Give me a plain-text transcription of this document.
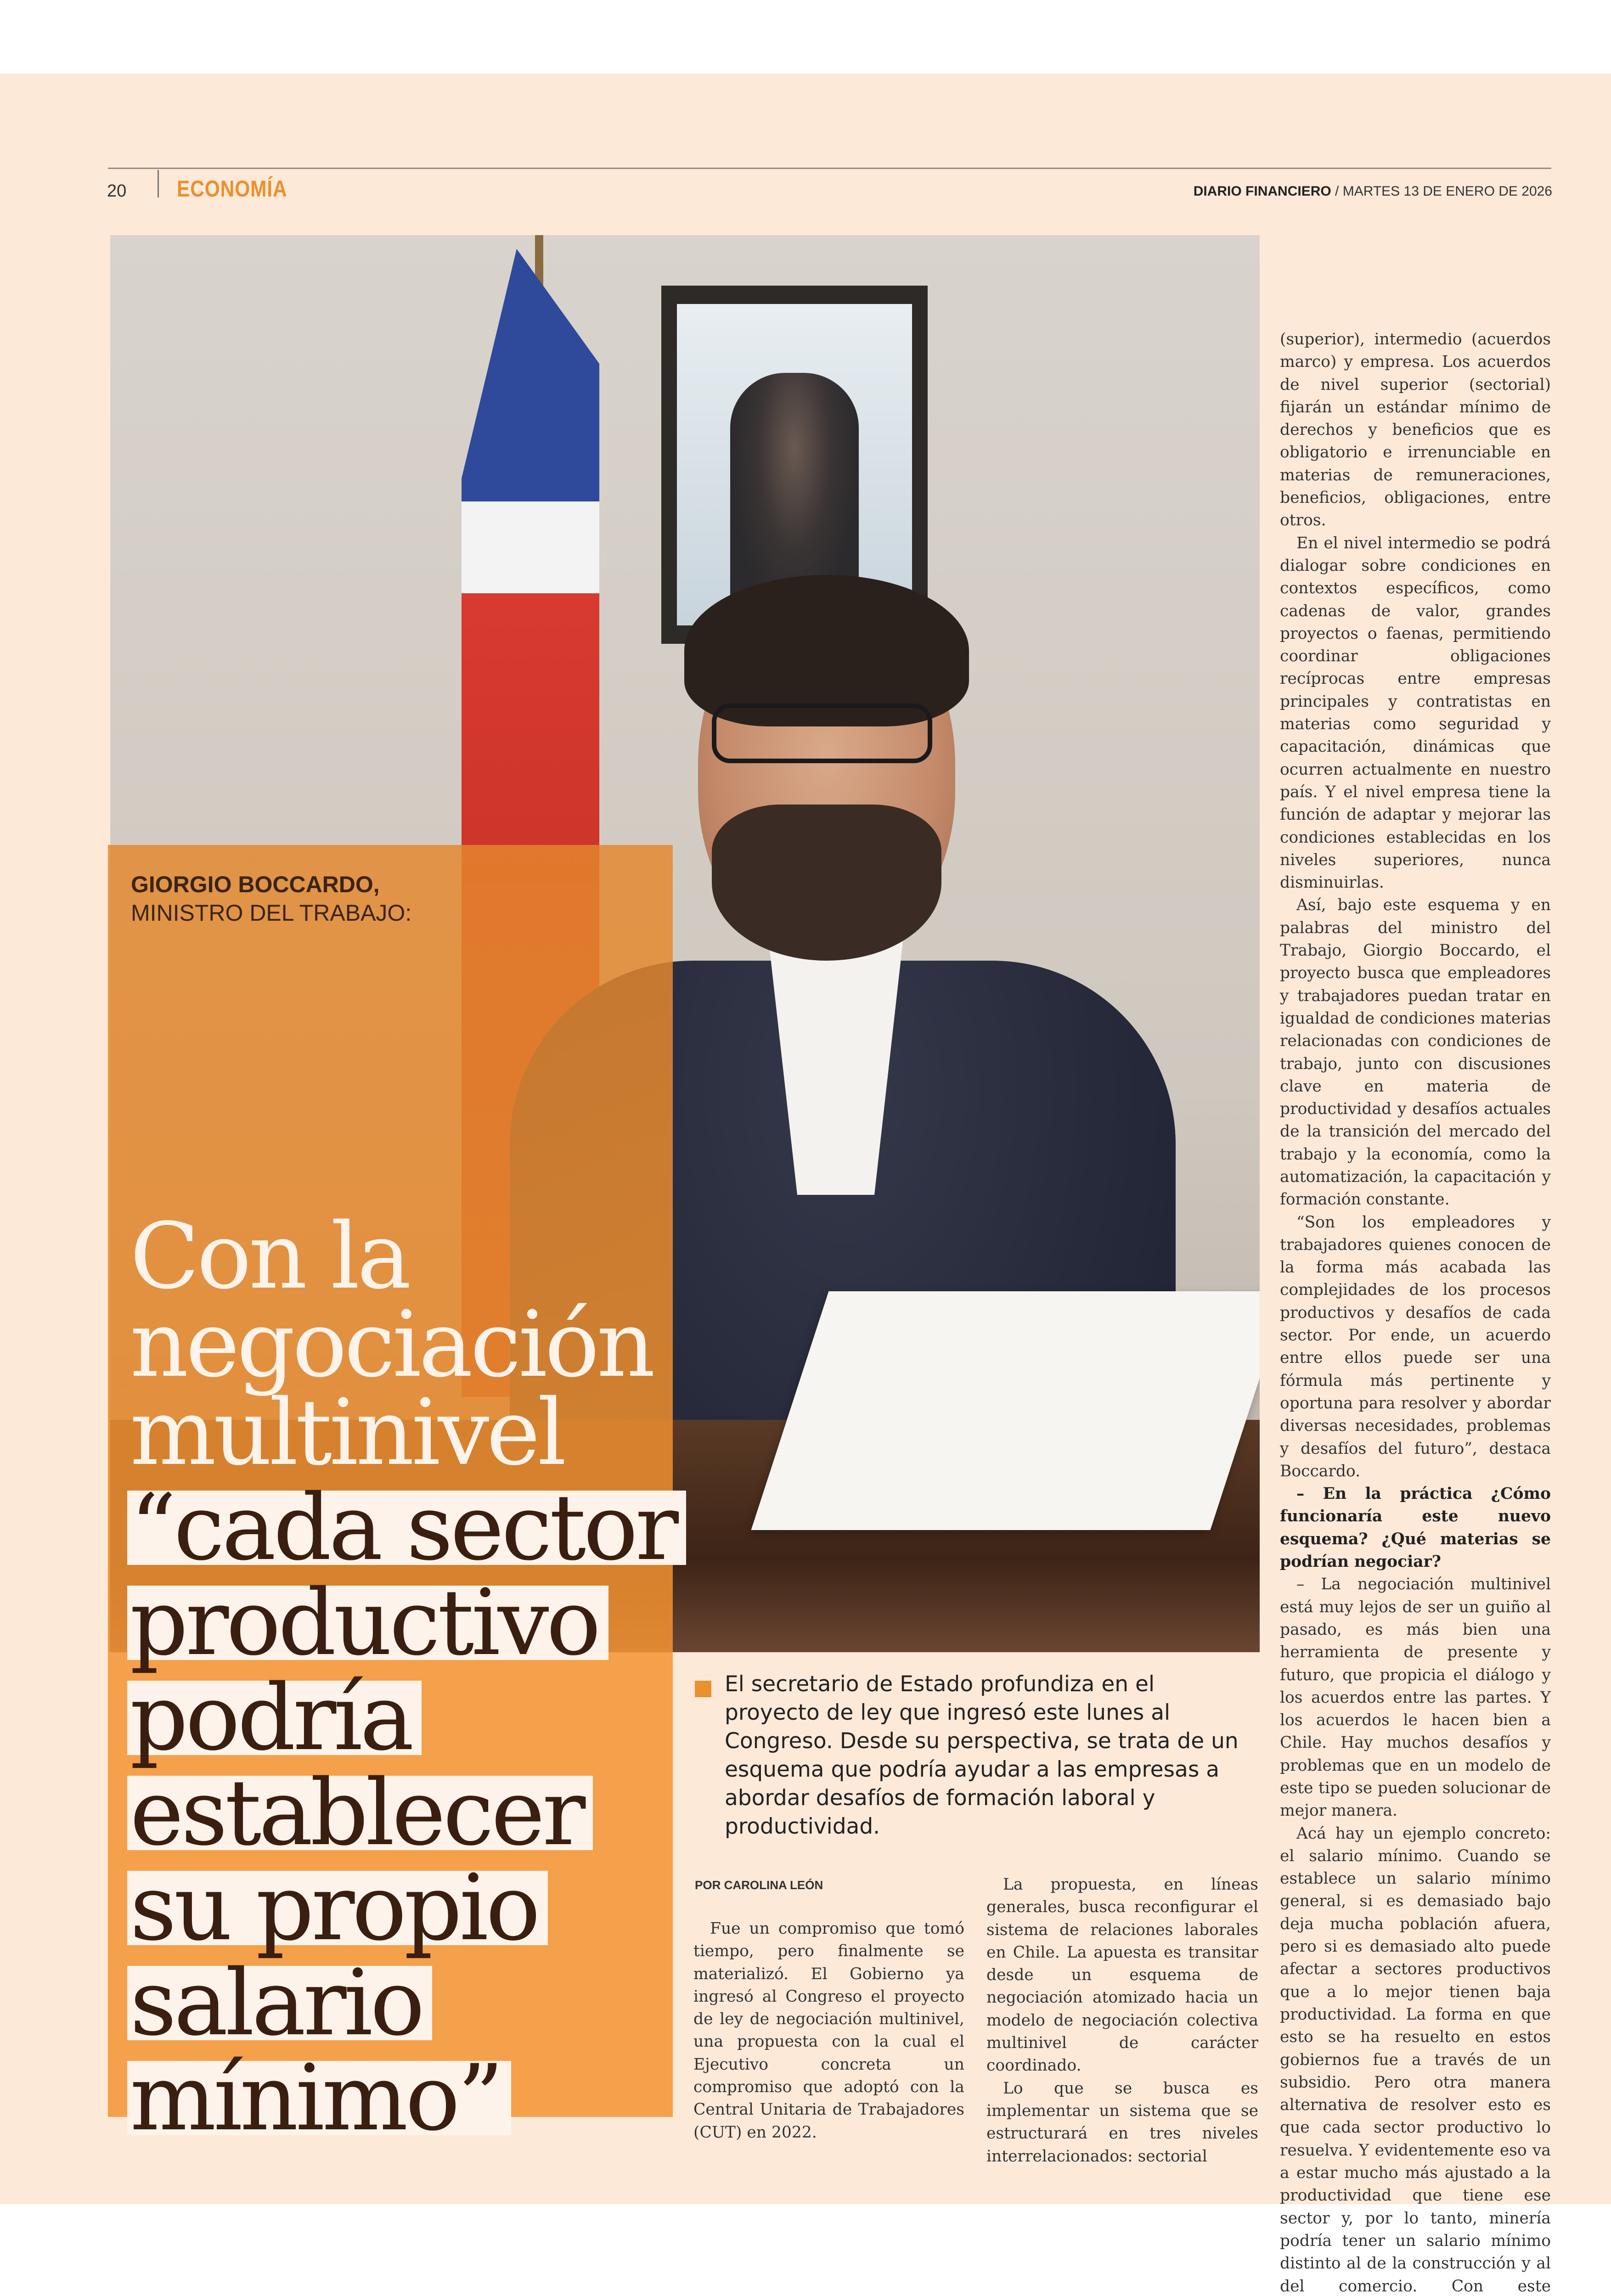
20 ECONOMÍA	DIARIO FINANCIERO / MARTES 13 DE ENERO DE 2026
GIORGIO BOCCARDO,
MINISTRO DEL TRABAJO:
Con la
negociación
multinivel
“cada sector
productivo
podría
establecer
su propio
salario
mínimo”
El secretario de Estado profundiza en el proyecto de ley que ingresó este lunes al Congreso. Desde su perspectiva, se trata de un esquema que podría ayudar a las empresas a abordar desafíos de formación laboral y productividad.
POR CAROLINA LEÓN

Fue un compromiso que tomó tiempo, pero finalmente se materializó. El Gobierno ya ingresó al Congreso el proyecto de ley de negociación multinivel, una propuesta con la cual el Ejecutivo concreta un compromiso que adoptó con la Central Unitaria de Trabajadores (CUT) en 2022.

La propuesta, en líneas generales, busca reconfigurar el sistema de relaciones laborales en Chile. La apuesta es transitar desde un esquema de negociación atomizado hacia un modelo de negociación colectiva multinivel de carácter coordinado.

Lo que se busca es implementar un sistema que se estructurará en tres niveles interrelacionados: sectorial

(superior), intermedio (acuerdos marco) y empresa. Los acuerdos de nivel superior (sectorial) fijarán un estándar mínimo de derechos y beneficios que es obligatorio e irrenunciable en materias de remuneraciones, beneficios, obligaciones, entre otros.

En el nivel intermedio se podrá dialogar sobre condiciones en contextos específicos, como cadenas de valor, grandes proyectos o faenas, permitiendo coordinar obligaciones recíprocas entre empresas principales y contratistas en materias como seguridad y capacitación, dinámicas que ocurren actualmente en nuestro país. Y el nivel empresa tiene la función de adaptar y mejorar las condiciones establecidas en los niveles superiores, nunca disminuirlas.

Así, bajo este esquema y en palabras del ministro del Trabajo, Giorgio Boccardo, el proyecto busca que empleadores y trabajadores puedan tratar en igualdad de condiciones materias relacionadas con condiciones de trabajo, junto con discusiones clave en materia de productividad y desafíos actuales de la transición del mercado del trabajo y la economía, como la automatización, la capacitación y formación constante.

“Son los empleadores y trabajadores quienes conocen de la forma más acabada las complejidades de los procesos productivos y desafíos de cada sector. Por ende, un acuerdo entre ellos puede ser una fórmula más pertinente y oportuna para resolver y abordar diversas necesidades, problemas y desafíos del futuro”, destaca Boccardo.

– En la práctica ¿Cómo funcionaría este nuevo esquema? ¿Qué materias se podrían negociar?

– La negociación multinivel está muy lejos de ser un guiño al pasado, es más bien una herramienta de presente y futuro, que propicia el diálogo y los acuerdos entre las partes. Y los acuerdos le hacen bien a Chile. Hay muchos desafíos y problemas que en un modelo de este tipo se pueden solucionar de mejor manera.

Acá hay un ejemplo concreto: el salario mínimo. Cuando se establece un salario mínimo general, si es demasiado bajo deja mucha población afuera, pero si es demasiado alto puede afectar a sectores productivos que a lo mejor tienen baja productividad. La forma en que esto se ha resuelto en estos gobiernos fue a través de un subsidio. Pero otra manera alternativa de resolver esto es que cada sector productivo lo resuelva. Y evidentemente eso va a estar mucho más ajustado a la productividad que tiene ese sector y, por lo tanto, minería podría tener un salario mínimo distinto al de la construcción y al del comercio. Con este
